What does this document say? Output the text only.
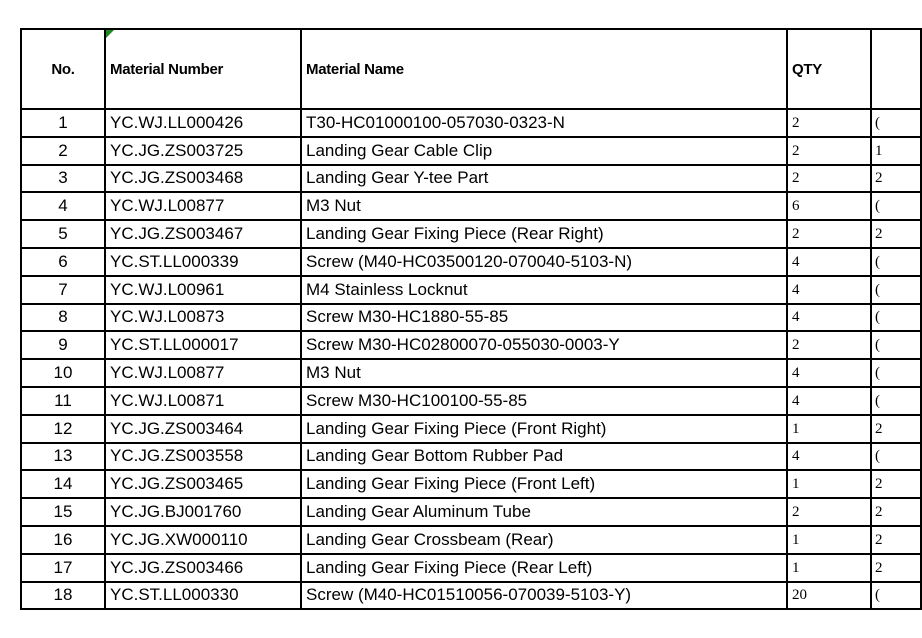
No.	Material Number	Material Name	QTY	
1	YC.WJ.LL000426	T30-HC01000100-057030-0323-N	2	(
2	YC.JG.ZS003725	Landing Gear Cable Clip	2	1
3	YC.JG.ZS003468	Landing Gear Y-tee Part	2	2
4	YC.WJ.L00877	M3 Nut	6	(
5	YC.JG.ZS003467	Landing Gear Fixing Piece (Rear Right)	2	2
6	YC.ST.LL000339	Screw (M40-HC03500120-070040-5103-N)	4	(
7	YC.WJ.L00961	M4 Stainless Locknut	4	(
8	YC.WJ.L00873	Screw M30-HC1880-55-85	4	(
9	YC.ST.LL000017	Screw M30-HC02800070-055030-0003-Y	2	(
10	YC.WJ.L00877	M3 Nut	4	(
11	YC.WJ.L00871	Screw M30-HC100100-55-85	4	(
12	YC.JG.ZS003464	Landing Gear Fixing Piece (Front Right)	1	2
13	YC.JG.ZS003558	Landing Gear Bottom Rubber Pad	4	(
14	YC.JG.ZS003465	Landing Gear Fixing Piece (Front Left)	1	2
15	YC.JG.BJ001760	Landing Gear Aluminum Tube	2	2
16	YC.JG.XW000110	Landing Gear Crossbeam (Rear)	1	2
17	YC.JG.ZS003466	Landing Gear Fixing Piece (Rear Left)	1	2
18	YC.ST.LL000330	Screw (M40-HC01510056-070039-5103-Y)	20	(
